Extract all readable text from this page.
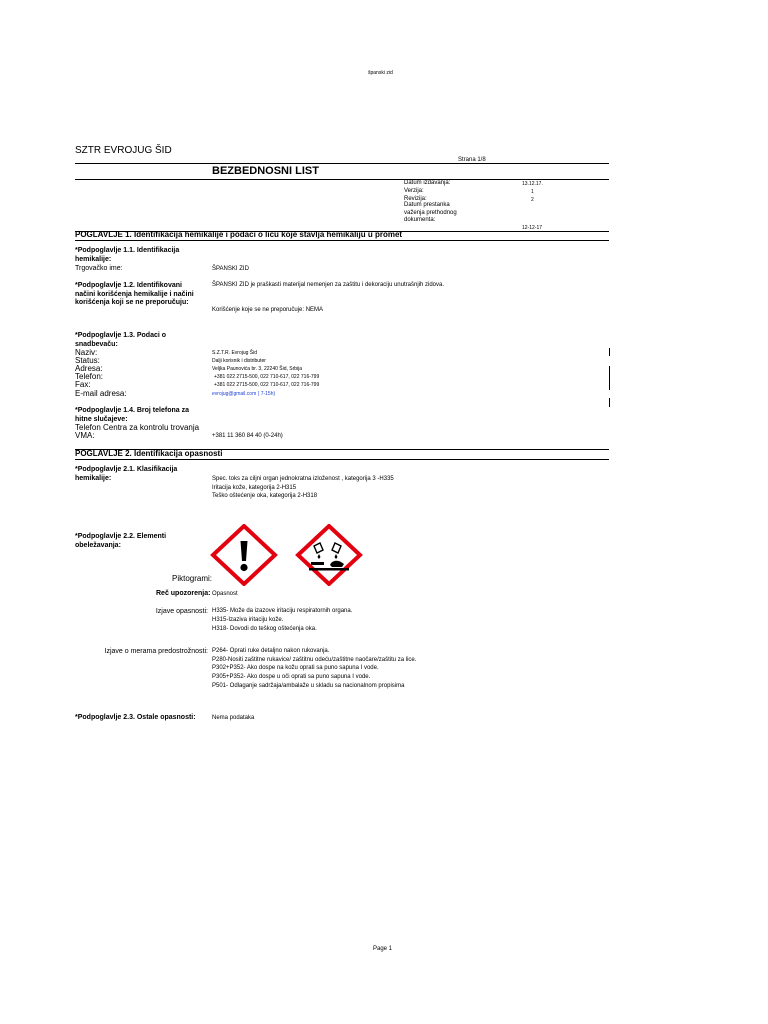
španski zid
SZTR EVROJUG ŠID
Strana 1/8
BEZBEDNOSNI LIST
Datum izdavanja:	13.12.17.
Verzija:	1
Revizija:	2
Datum prestanka važenja prethodnog dokumenta:
12-12-17
POGLAVLJE 1. Identifikacija hemikalije i podaci o licu koje stavlja hemikaliju u promet
*Podpoglavlje 1.1. Identifikacija hemikalije:
Trgovačko ime:	ŠPANSKI ZID
*Podpoglavlje 1.2. Identifikovani načini korišćenja hemikalije i načini korišćenja koji se ne preporučuju:
ŠPANSKI ZID je praškasti materijal nemenjen za zaštitu i dekoraciju unutrašnjih zidova.
Korišćenje koje se ne preporučuje: NEMA
*Podpoglavlje 1.3. Podaci o snadbevaču:
Naziv:	S.Z.T.R. Evrojug Šid
Status:	Dalji korisnik i distributer
Adresa:	Veljka Paunovića br. 3, 22240 Šid, Srbija
Telefon:	+381 022 2715-500, 022 710-617, 022 716-799
Fax:	+381 022 2715-500, 022 710-617, 022 716-799
E-mail adresa:	evrojug@gmail.com ( 7-15h)
*Podpoglavlje 1.4. Broj telefona za hitne slučajeve:
Telefon Centra za kontrolu trovanja VMA:	+381 11 360 84 40 (0-24h)
POGLAVLJE 2. Identifikacija opasnosti
*Podpoglavlje 2.1. Klasifikacija hemikalije:	Spec. toks za ciljni organ jednokratna izloženost , kategorija 3 -H335
Iritacija kože, kategorija 2-H315
Teško oštećenje oka, kategorija 2-H318
*Podpoglavlje 2.2. Elementi obeležavanja:
Piktogrami:
Reč upozorenja: Opasnost
Izjave opasnosti: H335- Može da izazove iritaciju respiratornih organa.
H315-Izaziva iritaciju kože.
H318- Dovodi do teškog oštećenja oka.
Izjave o merama predostrožnosti: P264- Oprati ruke detaljno nakon rukovanja.
P280-Nositi zaštitne rukavice/ zaštitnu odeću/zaštitne naočare/zaštitu za lice.
P302+P352- Ako dospe na kožu oprati sa puno sapuna I vode.
P305+P352- Ako dospe u oči oprati sa puno sapuna I vode.
P501- Odlaganje sadržaja/ambalaže u skladu sa nacionalnom propisima
*Podpoglavlje 2.3. Ostale opasnosti:	Nema podataka
Page 1
